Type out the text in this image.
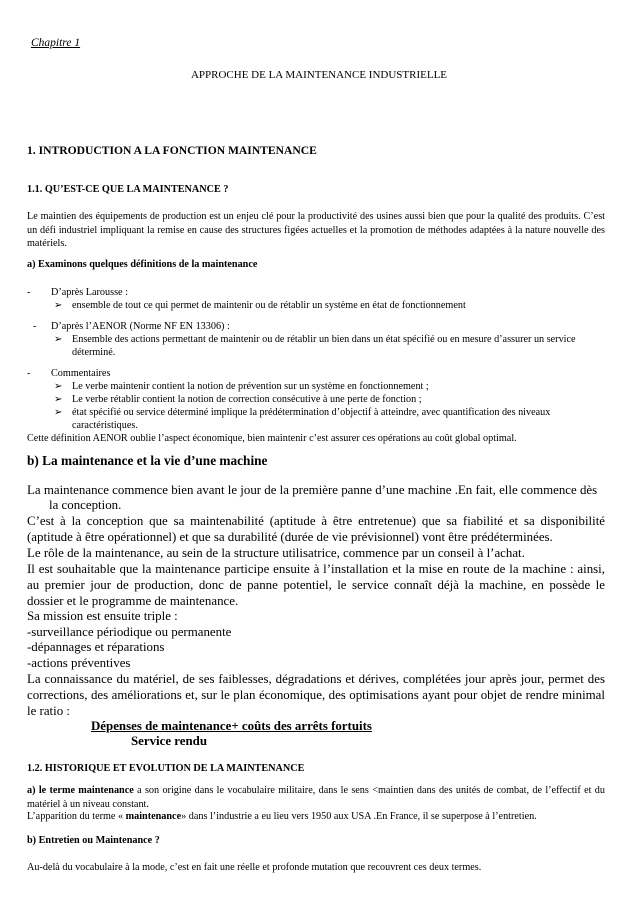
Chapitre 1

APPROCHE DE LA MAINTENANCE INDUSTRIELLE

1. INTRODUCTION A LA FONCTION MAINTENANCE

1.1. QU’EST-CE QUE LA MAINTENANCE ?

Le maintien des équipements de production est un enjeu clé pour la productivité des usines aussi bien que pour la qualité des produits. C’est un défi industriel impliquant la remise en cause des structures figées actuelles et la promotion de méthodes adaptées à la nature nouvelle des matériels.

a) Examinons quelques définitions de la maintenance

- D’après Larousse :

➢ ensemble de tout ce qui permet de maintenir ou de rétablir un système en état de fonctionnement

- D’après l’AENOR (Norme NF EN 13306) :

➢ Ensemble des actions permettant de maintenir ou de rétablir un bien dans un état spécifié ou en mesure d’assurer un service

déterminé.

- Commentaires

➢ Le verbe maintenir contient la notion de prévention sur un système en fonctionnement ;

➢ Le verbe rétablir contient la notion de correction consécutive à une perte de fonction ;

➢ état spécifié ou service déterminé implique la prédétermination d’objectif à atteindre, avec quantification des niveaux

caractéristiques.

Cette définition AENOR oublie l’aspect économique, bien maintenir c’est assurer ces opérations au coût global optimal.

b) La maintenance et la vie d’une machine

La maintenance commence bien avant le jour de la première panne d’une machine .En fait, elle commence dès

la conception.

C’est à la conception que sa maintenabilité (aptitude à être entretenue) que sa fiabilité et sa disponibilité (aptitude à être opérationnel) et que sa durabilité (durée de vie prévisionnel) vont être prédéterminées.

Le rôle de la maintenance, au sein de la structure utilisatrice, commence par un conseil à l’achat.

Il est souhaitable que la maintenance participe ensuite à l’installation et la mise en route de la machine : ainsi, au premier jour de production, donc de panne potentiel, le service connaît déjà la machine, en possède le dossier et le programme de maintenance.

Sa mission est ensuite triple :

-surveillance périodique ou permanente

-dépannages et réparations

-actions préventives

La connaissance du matériel, de ses faiblesses, dégradations et dérives, complétées jour après jour, permet des corrections, des améliorations et, sur le plan économique, des optimisations ayant pour objet de rendre minimal le ratio :

Dépenses de maintenance+ coûts des arrêts fortuits

Service rendu

1.2. HISTORIQUE ET EVOLUTION DE LA MAINTENANCE

a) le terme maintenance a son origine dans le vocabulaire militaire, dans le sens <maintien dans des unités de combat, de l’effectif et du matériel à un niveau constant.

L’apparition du terme « maintenance» dans l’industrie a eu lieu vers 1950 aux USA .En France, il se superpose à l’entretien.

b) Entretien ou Maintenance ?

Au-delà du vocabulaire à la mode, c’est en fait une réelle et profonde mutation que recouvrent ces deux termes.
